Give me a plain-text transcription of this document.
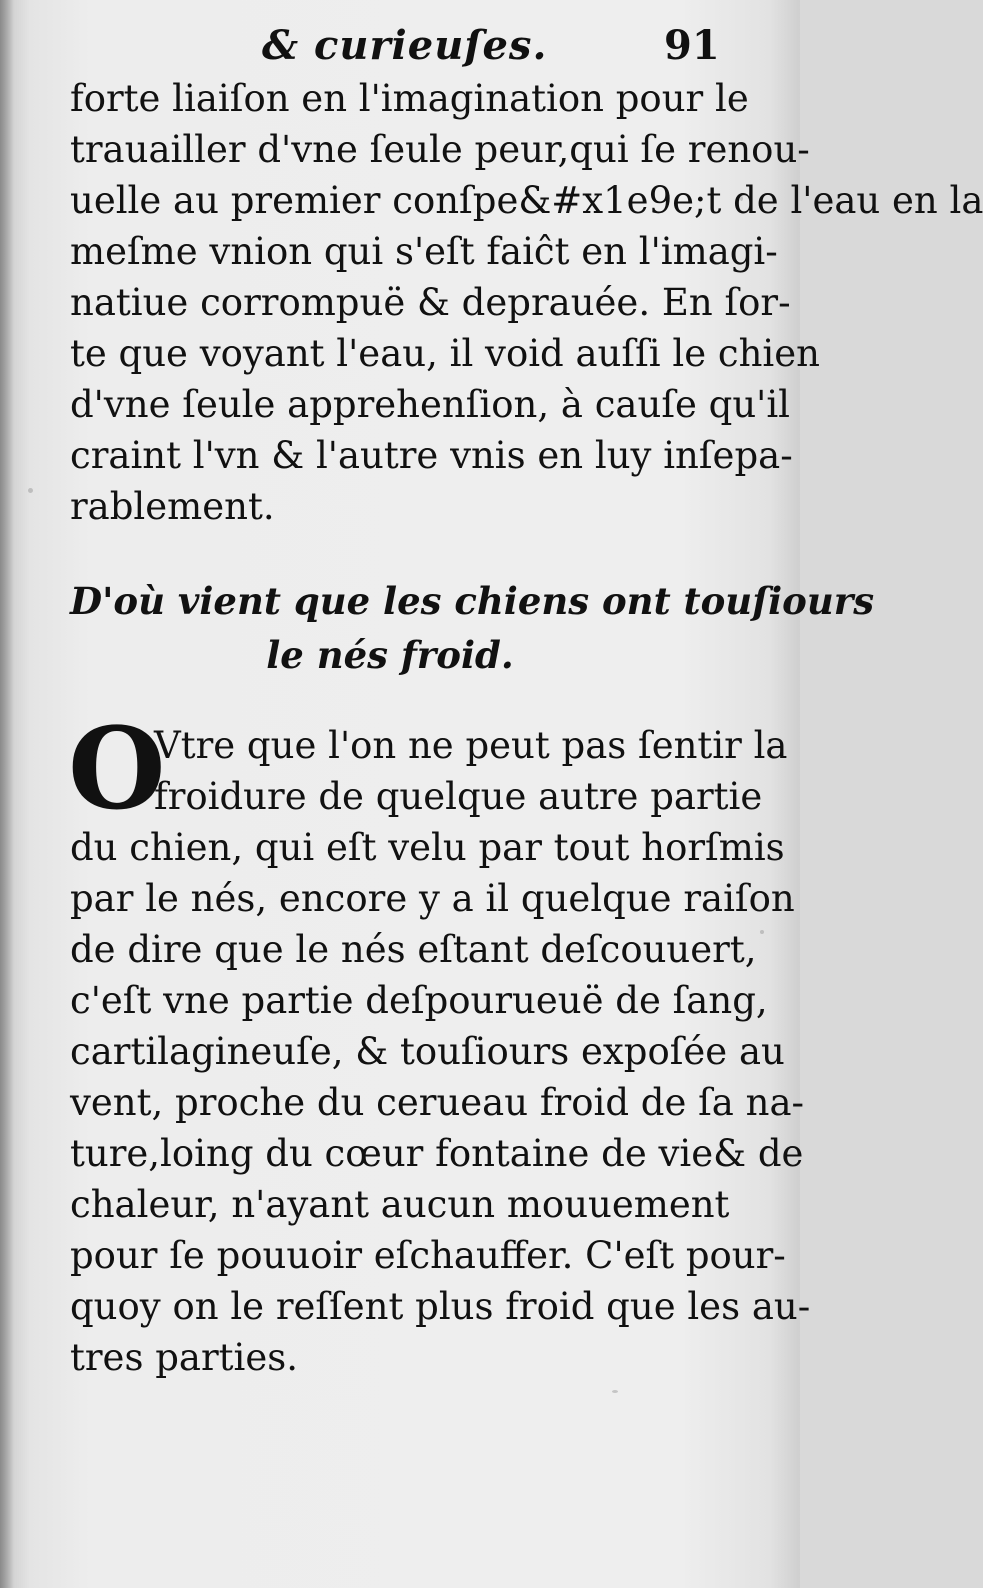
& curieuſes.	91
forte liaiſon en l'imagination pour le
trauailler d'vne ſeule peur,qui ſe renou-
uelle au premier conſpe&#x1e9e;t de l'eau en la
meſme vnion qui s'eſt faiĉt en l'imagi-
natiue corrompuë & deprauée. En ſor-
te que voyant l'eau, il void auſſi le chien
d'vne ſeule apprehenſion, à cauſe qu'il
craint l'vn & l'autre vnis en luy inſepa-
rablement.
D'où vient que les chiens ont touſiours
le nés froid.
O
Vtre que l'on ne peut pas ſentir la
froidure de quelque autre partie
du chien, qui eſt velu par tout horſmis
par le nés, encore y a il quelque raiſon
de dire que le nés eſtant deſcouuert,
c'eſt vne partie deſpourueuë de ſang,
cartilagineuſe, & touſiours expoſée au
vent, proche du cerueau froid de ſa na-
ture,loing du cœur fontaine de vie& de
chaleur, n'ayant aucun mouuement
pour ſe pouuoir eſchauffer. C'eſt pour-
quoy on le reſſent plus froid que les au-
tres parties.
